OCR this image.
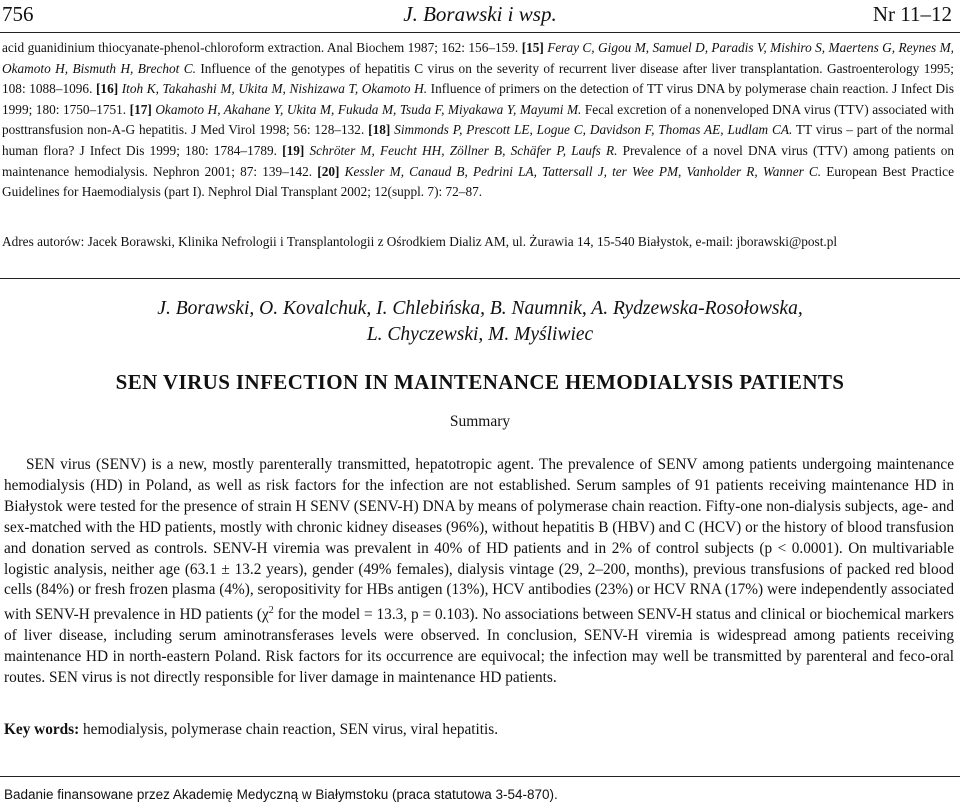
756	J. Borawski i wsp.	Nr 11–12

acid guanidinium thiocyanate-phenol-chloroform extraction. Anal Biochem 1987; 162: 156–159. [15] Feray C, Gigou M, Samuel D, Paradis V, Mishiro S, Maertens G, Reynes M, Okamoto H, Bismuth H, Brechot C. Influence of the genotypes of hepatitis C virus on the severity of recurrent liver disease after liver transplantation. Gastroenterology 1995; 108: 1088–1096. [16] Itoh K, Takahashi M, Ukita M, Nishizawa T, Okamoto H. Influence of primers on the detection of TT virus DNA by polymerase chain reaction. J Infect Dis 1999; 180: 1750–1751. [17] Okamoto H, Akahane Y, Ukita M, Fukuda M, Tsuda F, Miyakawa Y, Mayumi M. Fecal excretion of a nonenveloped DNA virus (TTV) associated with posttransfusion non-A-G hepatitis. J Med Virol 1998; 56: 128–132. [18] Simmonds P, Prescott LE, Logue C, Davidson F, Thomas AE, Ludlam CA. TT virus – part of the normal human flora? J Infect Dis 1999; 180: 1784–1789. [19] Schröter M, Feucht HH, Zöllner B, Schäfer P, Laufs R. Prevalence of a novel DNA virus (TTV) among patients on maintenance hemodialysis. Nephron 2001; 87: 139–142. [20] Kessler M, Canaud B, Pedrini LA, Tattersall J, ter Wee PM, Vanholder R, Wanner C. European Best Practice Guidelines for Haemodialysis (part I). Nephrol Dial Transplant 2002; 12(suppl. 7): 72–87.

Adres autorów: Jacek Borawski, Klinika Nefrologii i Transplantologii z Ośrodkiem Dializ AM, ul. Żurawia 14, 15-540 Białystok, e-mail: jborawski@post.pl

J. Borawski, O. Kovalchuk, I. Chlebińska, B. Naumnik, A. Rydzewska-Rosołowska,
L. Chyczewski, M. Myśliwiec

SEN VIRUS INFECTION IN MAINTENANCE HEMODIALYSIS PATIENTS

Summary

SEN virus (SENV) is a new, mostly parenterally transmitted, hepatotropic agent. The prevalence of SENV among patients undergoing maintenance hemodialysis (HD) in Poland, as well as risk factors for the infection are not established. Serum samples of 91 patients receiving maintenance HD in Białystok were tested for the presence of strain H SENV (SENV-H) DNA by means of polymerase chain reaction. Fifty-one non-dialysis subjects, age- and sex-matched with the HD patients, mostly with chronic kidney diseases (96%), without hepatitis B (HBV) and C (HCV) or the history of blood transfusion and donation served as controls. SENV-H viremia was prevalent in 40% of HD patients and in 2% of control subjects (p < 0.0001). On multivariable logistic analysis, neither age (63.1 ± 13.2 years), gender (49% females), dialysis vintage (29, 2–200, months), previous transfusions of packed red blood cells (84%) or fresh frozen plasma (4%), seropositivity for HBs antigen (13%), HCV antibodies (23%) or HCV RNA (17%) were independently associated with SENV-H prevalence in HD patients ($\chi^2$ for the model = 13.3, p = 0.103). No associations between SENV-H status and clinical or biochemical markers of liver disease, including serum aminotransferases levels were observed. In conclusion, SENV-H viremia is widespread among patients receiving maintenance HD in north-eastern Poland. Risk factors for its occurrence are equivocal; the infection may well be transmitted by parenteral and feco-oral routes. SEN virus is not directly responsible for liver damage in maintenance HD patients.

Key words: hemodialysis, polymerase chain reaction, SEN virus, viral hepatitis.

Badanie finansowane przez Akademię Medyczną w Białymstoku (praca statutowa 3-54-870).
